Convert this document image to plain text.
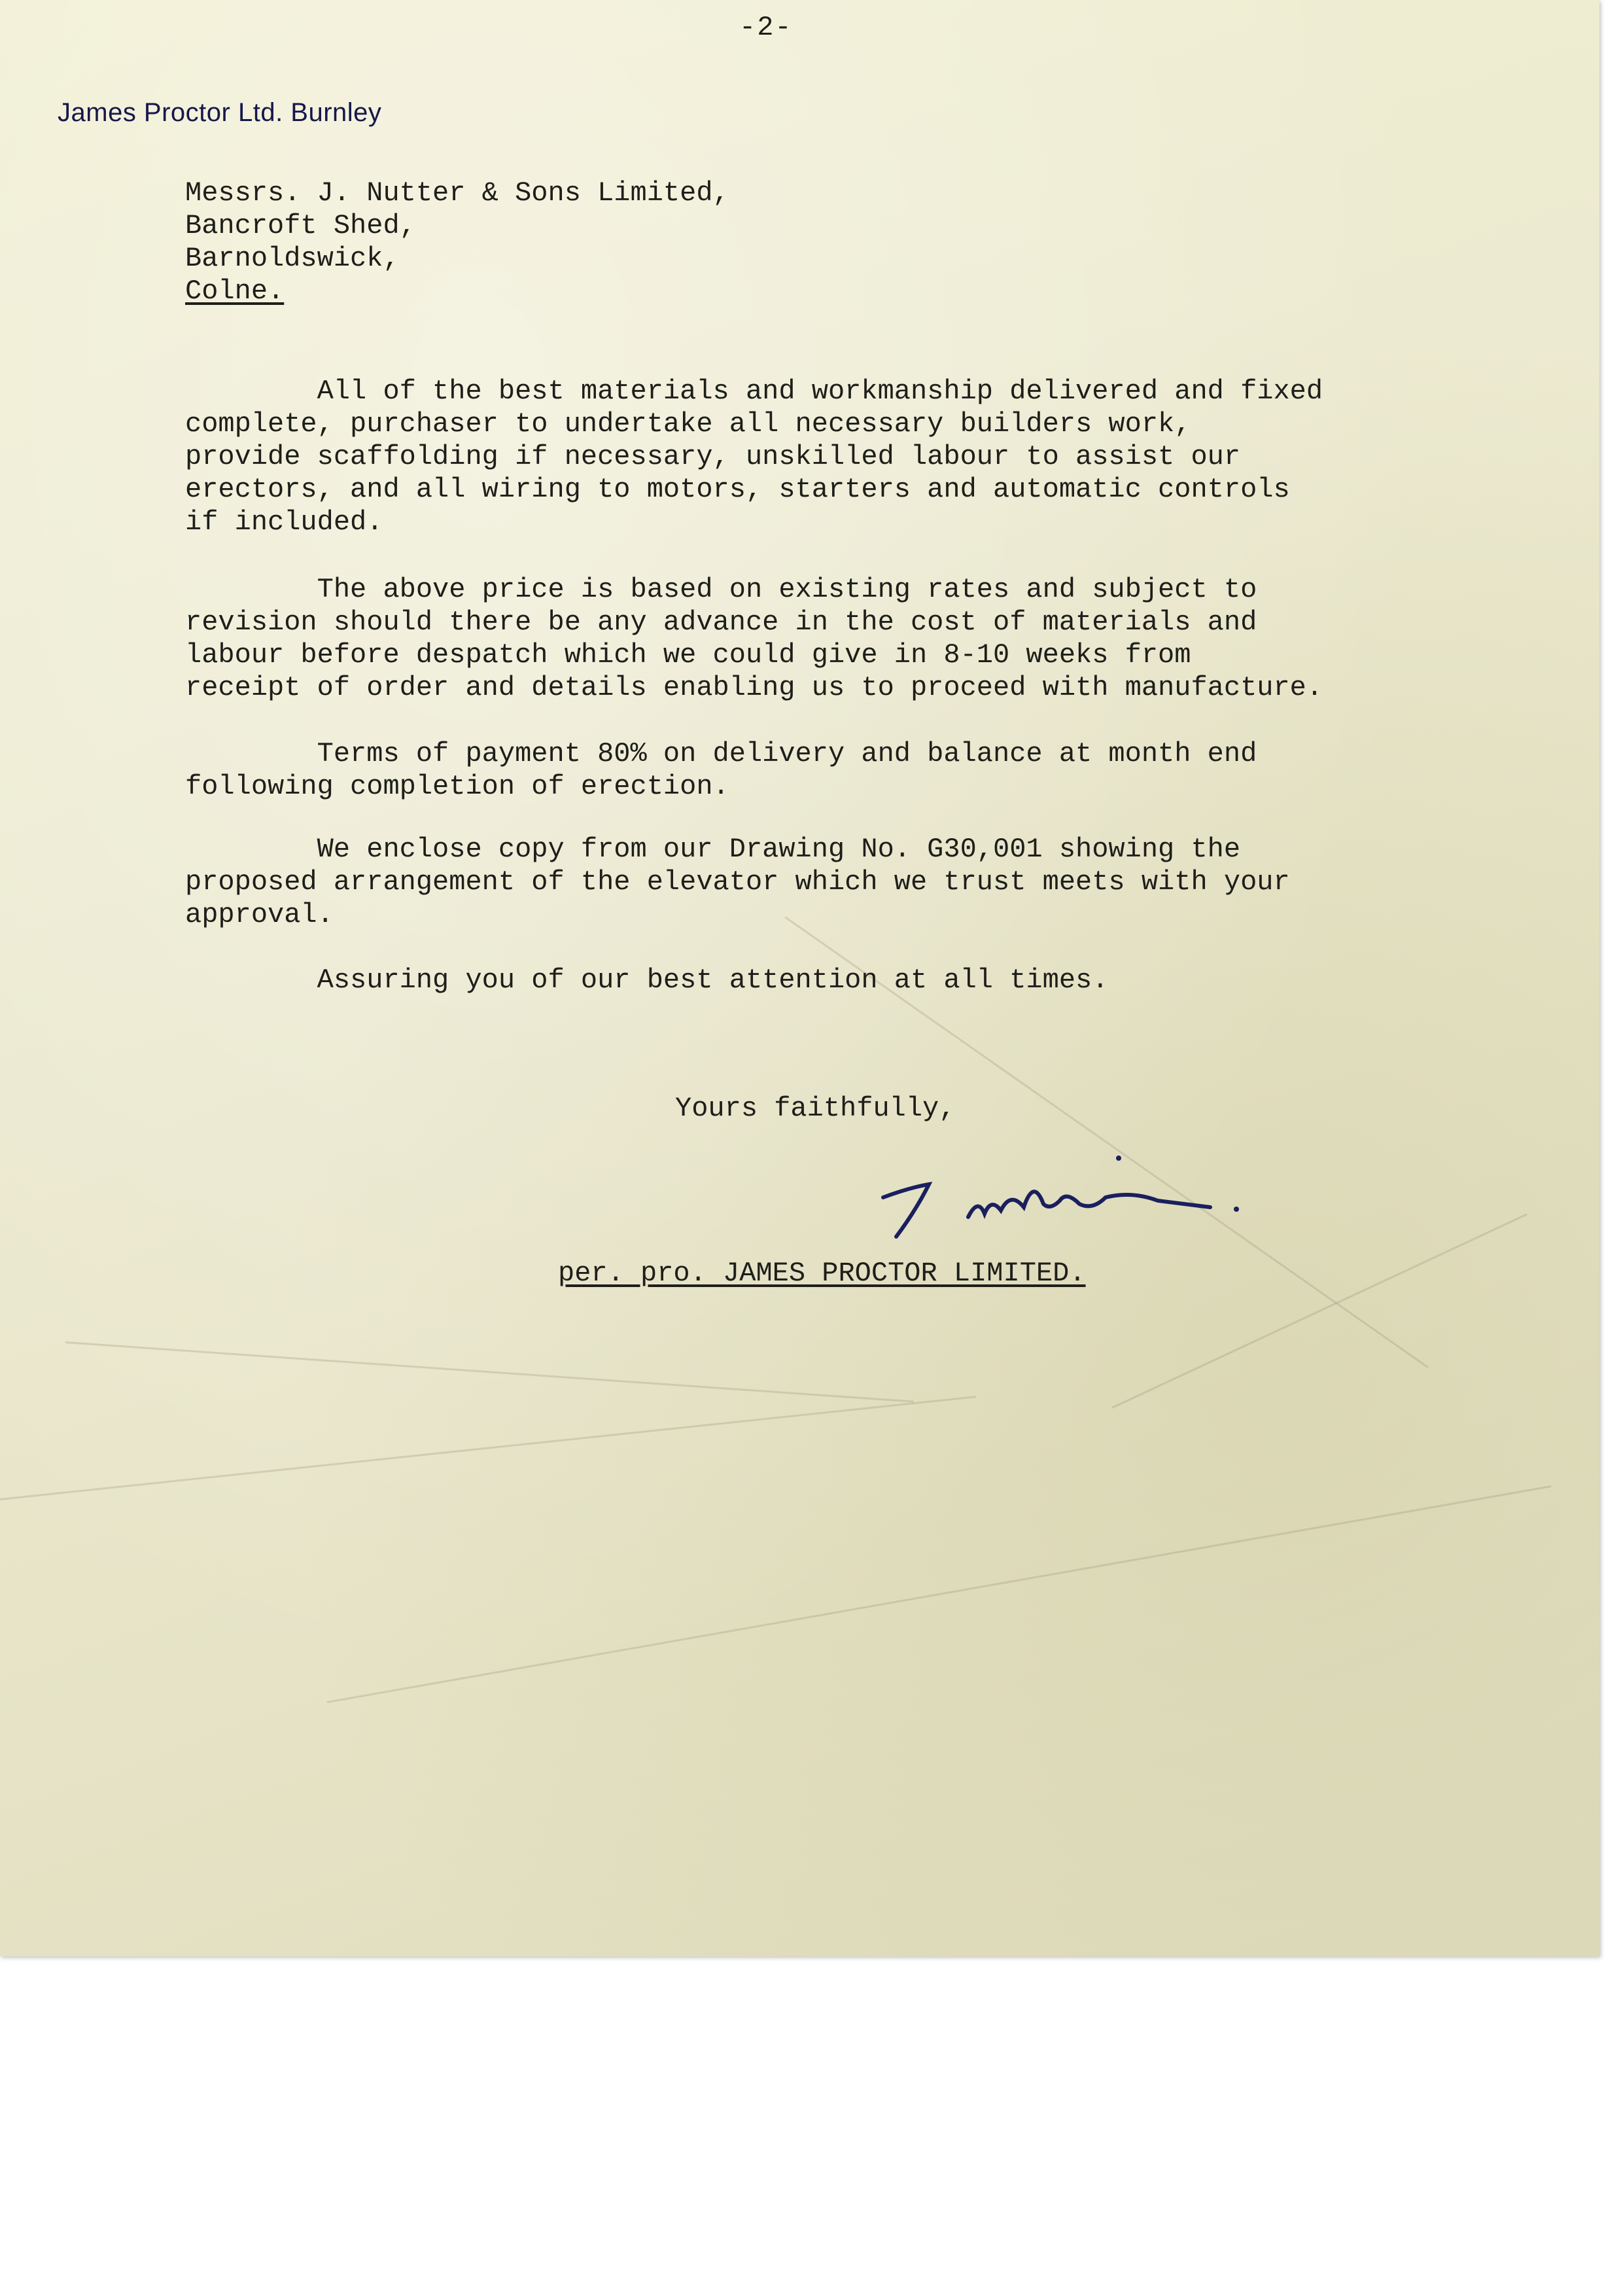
-2-
James Proctor Ltd. Burnley
Messrs. J. Nutter & Sons Limited,
Bancroft Shed,
Barnoldswick,
Colne.
All of the best materials and workmanship delivered and fixed
complete, purchaser to undertake all necessary builders work,
provide scaffolding if necessary, unskilled labour to assist our
erectors, and all wiring to motors, starters and automatic controls
if included.
The above price is based on existing rates and subject to
revision should there be any advance in the cost of materials and
labour before despatch which we could give in 8-10 weeks from
receipt of order and details enabling us to proceed with manufacture.
Terms of payment 80% on delivery and balance at month end
following completion of erection.
We enclose copy from our Drawing No. G30,001 showing the
proposed arrangement of the elevator which we trust meets with your
approval.
Assuring you of our best attention at all times.
Yours faithfully,
per. pro. JAMES PROCTOR LIMITED.
